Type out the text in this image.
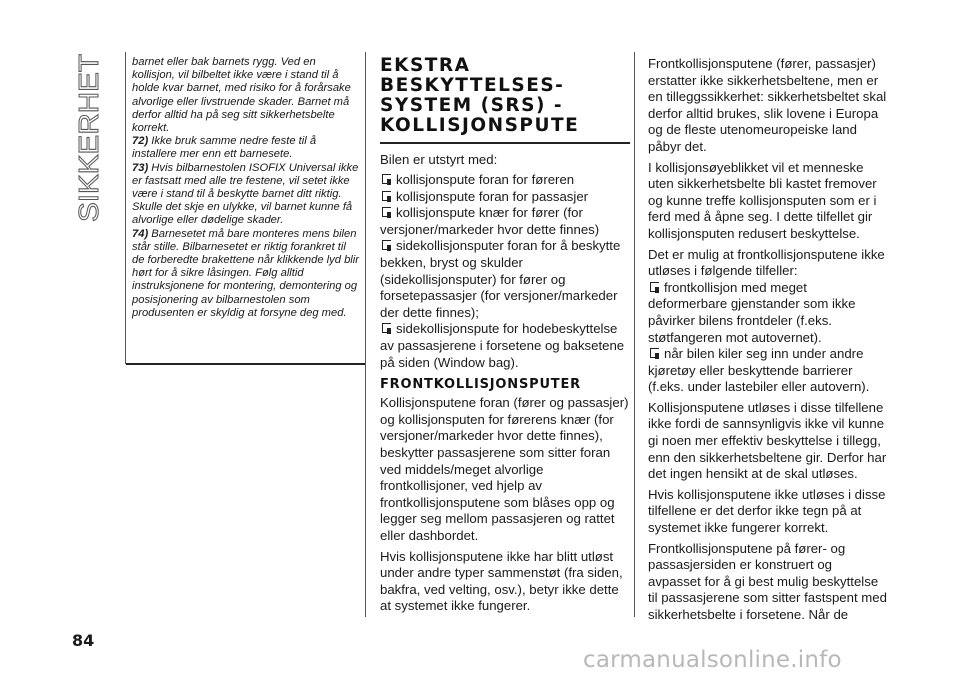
SIKKERHET

barnet eller bak barnets rygg. Ved en kollisjon, vil bilbeltet ikke være i stand til å holde kvar barnet, med risiko for å forårsake alvorlige eller livstruende skader. Barnet må derfor alltid ha på seg sitt sikkerhetsbelte korrekt.

72) Ikke bruk samme nedre feste til å installere mer enn ett barnesete.

73) Hvis bilbarnestolen ISOFIX Universal ikke er fastsatt med alle tre festene, vil setet ikke være i stand til å beskytte barnet ditt riktig. Skulle det skje en ulykke, vil barnet kunne få alvorlige eller dødelige skader.

74) Barnesetet må bare monteres mens bilen står stille. Bilbarnesetet er riktig forankret til de forberedte brakettene når klikkende lyd blir hørt for å sikre låsingen. Følg alltid instruksjonene for montering, demontering og posisjonering av bilbarnestolen som produsenten er skyldig at forsyne deg med.

EKSTRA
BESKYTTELSES-
SYSTEM (SRS) -
KOLLISJONSPUTE

Bilen er utstyrt med:

kollisjonspute foran for føreren

kollisjonspute foran for passasjer

kollisjonspute knær for fører (for versjoner/markeder hvor dette finnes)

sidekollisjonsputer foran for å beskytte bekken, bryst og skulder (sidekollisjonsputer) for fører og forsetepassasjer (for versjoner/markeder der dette finnes);

sidekollisjonspute for hodebeskyttelse av passasjerene i forsetene og baksetene på siden (Window bag).

FRONTKOLLISJONSPUTER

Kollisjonsputene foran (fører og passasjer) og kollisjonsputen for førerens knær (for versjoner/markeder hvor dette finnes), beskytter passasjerene som sitter foran ved middels/meget alvorlige frontkollisjoner, ved hjelp av frontkollisjonsputene som blåses opp og legger seg mellom passasjeren og rattet eller dashbordet.

Hvis kollisjonsputene ikke har blitt utløst under andre typer sammenstøt (fra siden, bakfra, ved velting, osv.), betyr ikke dette at systemet ikke fungerer.

Frontkollisjonsputene (fører, passasjer) erstatter ikke sikkerhetsbeltene, men er en tilleggssikkerhet: sikkerhetsbeltet skal derfor alltid brukes, slik lovene i Europa og de fleste utenomeuropeiske land påbyr det.

I kollisjonsøyeblikket vil et menneske uten sikkerhetsbelte bli kastet fremover og kunne treffe kollisjonsputen som er i ferd med å åpne seg. I dette tilfellet gir kollisjonsputen redusert beskyttelse.

Det er mulig at frontkollisjonsputene ikke utløses i følgende tilfeller:

frontkollisjon med meget deformerbare gjenstander som ikke påvirker bilens frontdeler (f.eks. støtfangeren mot autovernet).

når bilen kiler seg inn under andre kjøretøy eller beskyttende barrierer (f.eks. under lastebiler eller autovern).

Kollisjonsputene utløses i disse tilfellene ikke fordi de sannsynligvis ikke vil kunne gi noen mer effektiv beskyttelse i tillegg, enn den sikkerhetsbeltene gir. Derfor har det ingen hensikt at de skal utløses.

Hvis kollisjonsputene ikke utløses i disse tilfellene er det derfor ikke tegn på at systemet ikke fungerer korrekt.

Frontkollisjonsputene på fører- og passasjersiden er konstruert og avpasset for å gi best mulig beskyttelse til passasjerene som sitter fastspent med sikkerhetsbelte i forsetene. Når de

84
carmanualsonline.info
